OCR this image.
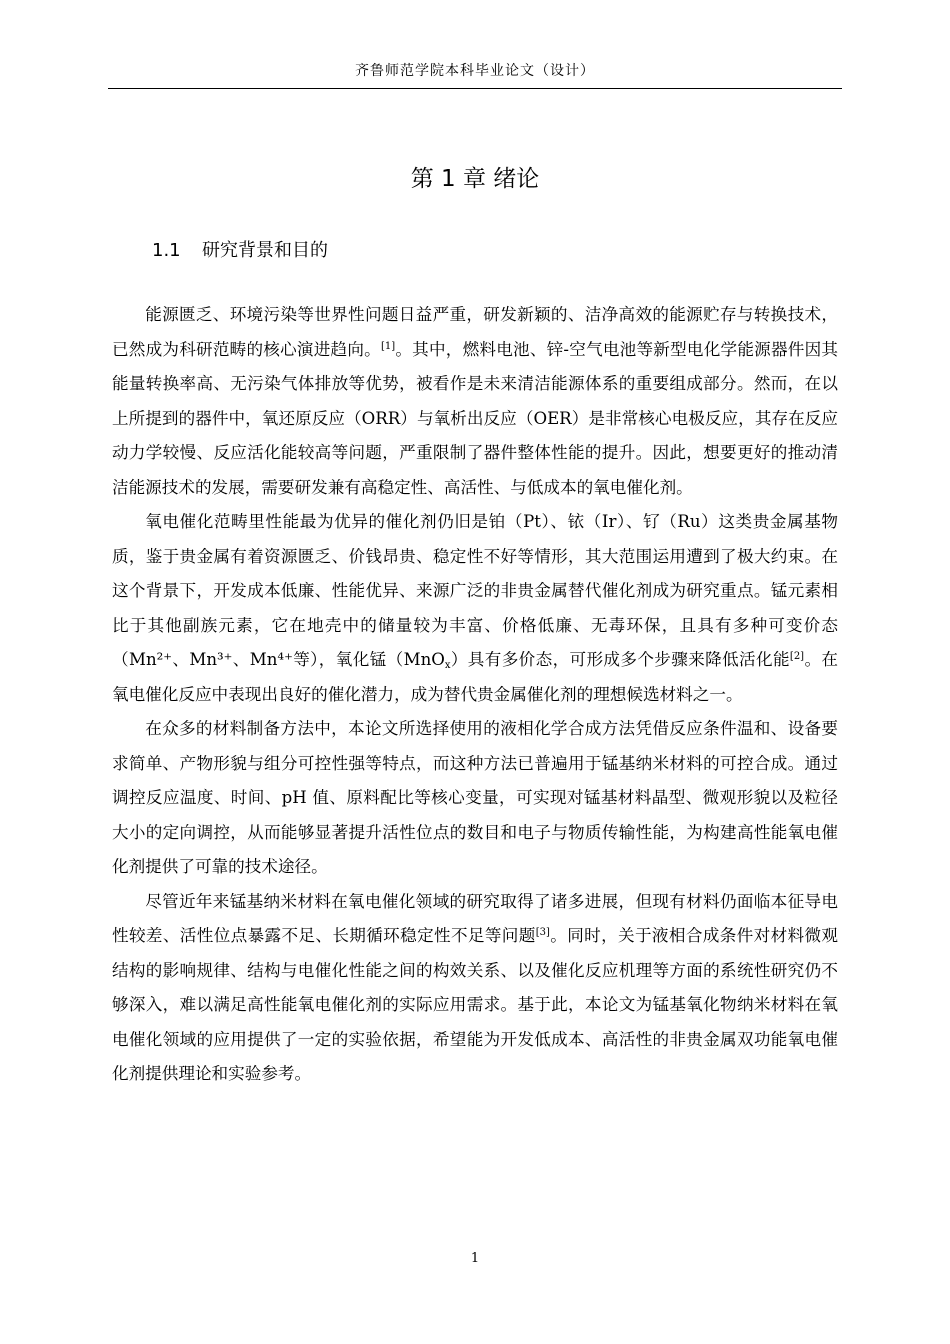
齐鲁师范学院本科毕业论文（设计）
第 1 章 绪论
1.1 研究背景和目的

能源匮乏、环境污染等世界性问题日益严重，研发新颖的、洁净高效的能源贮存与转换技术，已然成为科研范畴的核心演进趋向。[1]。其中，燃料电池、锌-空气电池等新型电化学能源器件因其能量转换率高、无污染气体排放等优势，被看作是未来清洁能源体系的重要组成部分。然而，在以上所提到的器件中，氧还原反应（ORR）与氧析出反应（OER）是非常核心电极反应，其存在反应动力学较慢、反应活化能较高等问题，严重限制了器件整体性能的提升。因此，想要更好的推动清洁能源技术的发展，需要研发兼有高稳定性、高活性、与低成本的氧电催化剂。

氧电催化范畴里性能最为优异的催化剂仍旧是铂（Pt）、铱（Ir）、钌（Ru）这类贵金属基物质，鉴于贵金属有着资源匮乏、价钱昂贵、稳定性不好等情形，其大范围运用遭到了极大约束。在这个背景下，开发成本低廉、性能优异、来源广泛的非贵金属替代催化剂成为研究重点。锰元素相比于其他副族元素，它在地壳中的储量较为丰富、价格低廉、无毒环保，且具有多种可变价态（Mn²⁺、Mn³⁺、Mn⁴⁺等），氧化锰（MnO$_x$）具有多价态，可形成多个步骤来降低活化能[2]。在氧电催化反应中表现出良好的催化潜力，成为替代贵金属催化剂的理想候选材料之一。

在众多的材料制备方法中，本论文所选择使用的液相化学合成方法凭借反应条件温和、设备要求简单、产物形貌与组分可控性强等特点，而这种方法已普遍用于锰基纳米材料的可控合成。通过调控反应温度、时间、pH 值、原料配比等核心变量，可实现对锰基材料晶型、微观形貌以及粒径大小的定向调控，从而能够显著提升活性位点的数目和电子与物质传输性能，为构建高性能氧电催化剂提供了可靠的技术途径。

尽管近年来锰基纳米材料在氧电催化领域的研究取得了诸多进展，但现有材料仍面临本征导电性较差、活性位点暴露不足、长期循环稳定性不足等问题[3]。同时，关于液相合成条件对材料微观结构的影响规律、结构与电催化性能之间的构效关系、以及催化反应机理等方面的系统性研究仍不够深入，难以满足高性能氧电催化剂的实际应用需求。基于此，本论文为锰基氧化物纳米材料在氧电催化领域的应用提供了一定的实验依据，希望能为开发低成本、高活性的非贵金属双功能氧电催化剂提供理论和实验参考。

1
